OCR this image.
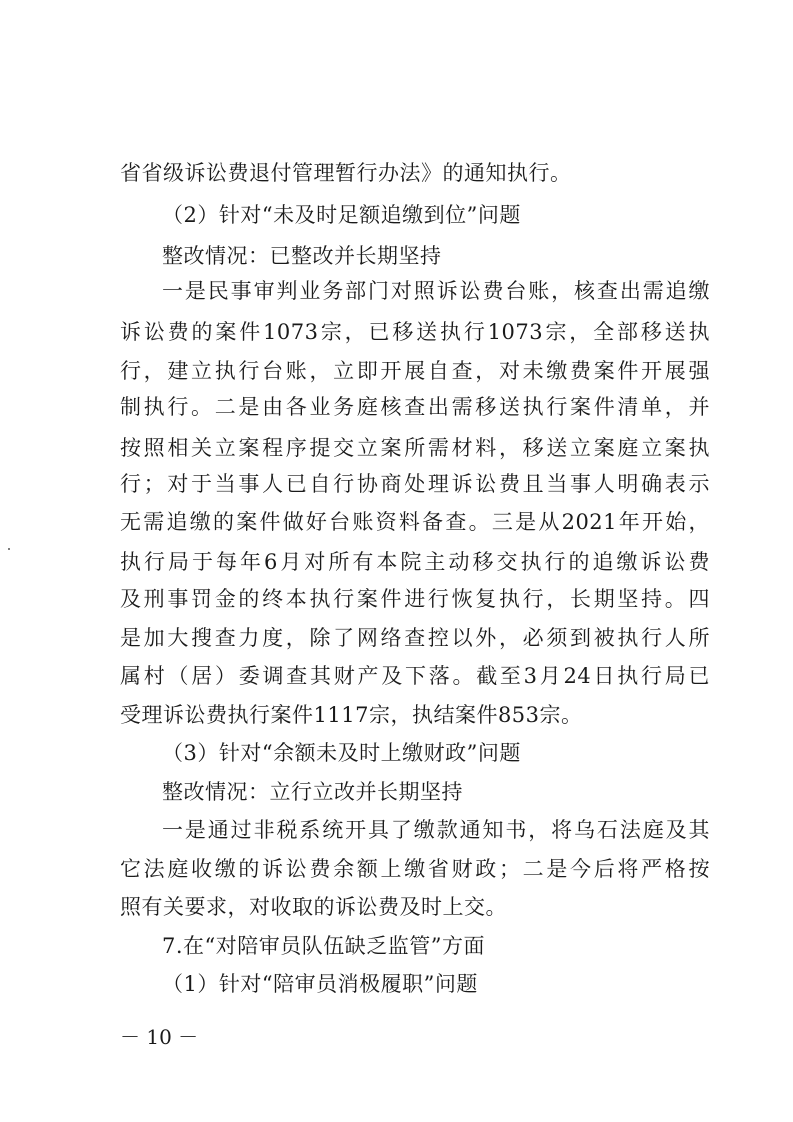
省省级诉讼费退付管理暂行办法》的通知执行。
（2）针对“未及时足额追缴到位”问题
整改情况：已整改并长期坚持
一是民事审判业务部门对照诉讼费台账，核查出需追缴
诉讼费的案件1073宗，已移送执行1073宗，全部移送执
行，建立执行台账，立即开展自查，对未缴费案件开展强
制执行。二是由各业务庭核查出需移送执行案件清单，并
按照相关立案程序提交立案所需材料，移送立案庭立案执
行；对于当事人已自行协商处理诉讼费且当事人明确表示
无需追缴的案件做好台账资料备查。三是从2021年开始，
执行局于每年6月对所有本院主动移交执行的追缴诉讼费
及刑事罚金的终本执行案件进行恢复执行，长期坚持。四
是加大搜查力度，除了网络查控以外，必须到被执行人所
属村（居）委调查其财产及下落。截至3月24日执行局已
受理诉讼费执行案件1117宗，执结案件853宗。
（3）针对“余额未及时上缴财政”问题
整改情况：立行立改并长期坚持
一是通过非税系统开具了缴款通知书，将乌石法庭及其
它法庭收缴的诉讼费余额上缴省财政；二是今后将严格按
照有关要求，对收取的诉讼费及时上交。
7.在“对陪审员队伍缺乏监管”方面
（1）针对“陪审员消极履职”问题
－ 10 －
